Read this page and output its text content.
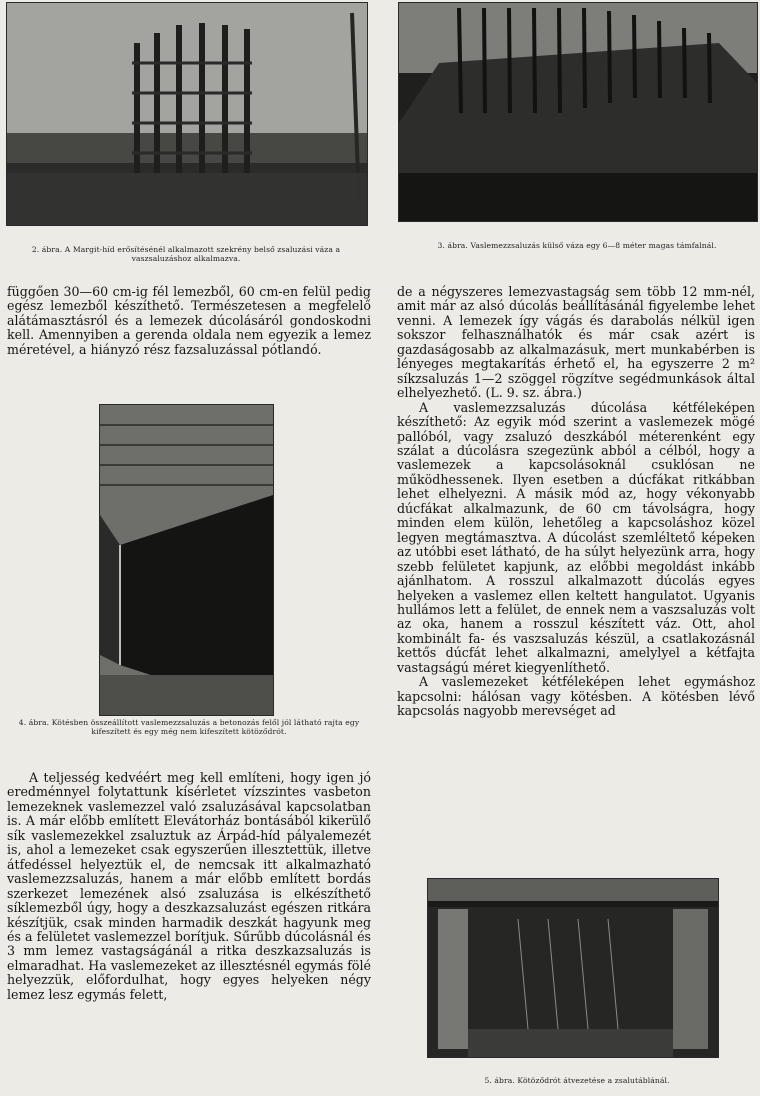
2. ábra. A Margit-híd erősítésénél alkalmazott szekrény belső zsaluzási váza a vaszsaluzáshoz alkalmazva.
3. ábra. Vaslemezzsaluzás külső váza egy 6—8 méter magas támfalnál.

függően 30—60 cm-ig fél lemezből, 60 cm-en felül pedig egész lemezből készíthető. Természetesen a megfelelő alátámasztásról és a lemezek dúcolásáról gondoskodni kell. Amennyiben a gerenda oldala nem egyezik a lemez méretével, a hiányzó rész fazsaluzással pótlandó.

4. ábra. Kötésben összeállított vaslemezzsaluzás a betonozás felől jól látható rajta egy kifeszített és egy még nem kifeszített kötöződrót.

A teljesség kedvéért meg kell említeni, hogy igen jó eredménnyel folytattunk kísérletet vízszintes vasbeton lemezeknek vaslemezzel való zsaluzásával kapcsolatban is. A már előbb említett Elevátorház bontásából kikerülő sík vaslemezekkel zsaluztuk az Árpád-híd pályalemezét is, ahol a lemezeket csak egyszerűen illesztettük, illetve átfedéssel helyeztük el, de nemcsak itt alkalmazható vaslemezzsaluzás, hanem a már előbb említett bordás szerkezet lemezének alsó zsaluzása is elkészíthető síklemezből úgy, hogy a deszkazsaluzást egészen ritkára készítjük, csak minden harmadik deszkát hagyunk meg és a felületet vaslemezzel borítjuk. Sűrűbb dúcolásnál és 3 mm lemez vastagságánál a ritka deszkazsaluzás is elmaradhat. Ha vaslemezeket az illesztésnél egymás fölé helyezzük, előfordulhat, hogy egyes helyeken négy lemez lesz egymás felett,

de a négyszeres lemezvastagság sem több 12 mm-nél, amit már az alsó dúcolás beállításánál figyelembe lehet venni. A lemezek így vágás és darabolás nélkül igen sokszor felhasználhatók és már csak azért is gazdaságosabb az alkalmazásuk, mert munkabérben is lényeges megtakarítás érhető el, ha egyszerre 2 m² síkzsaluzás 1—2 szöggel rögzítve segédmunkások által elhelyezhető. (L. 9. sz. ábra.)

A vaslemezzsaluzás dúcolása kétféleképen készíthető: Az egyik mód szerint a vaslemezek mögé pallóból, vagy zsaluzó deszkából méterenként egy szálat a dúcolásra szegezünk abból a célból, hogy a vaslemezek a kapcsolásoknál csuklósan ne működhessenek. Ilyen esetben a dúcfákat ritkábban lehet elhelyezni. A másik mód az, hogy vékonyabb dúcfákat alkalmazunk, de 60 cm távolságra, hogy minden elem külön, lehetőleg a kapcsoláshoz közel legyen megtámasztva. A dúcolást szemléltető képeken az utóbbi eset látható, de ha súlyt helyezünk arra, hogy szebb felületet kapjunk, az előbbi megoldást inkább ajánlhatom. A rosszul alkalmazott dúcolás egyes helyeken a vaslemez ellen keltett hangulatot. Ugyanis hullámos lett a felület, de ennek nem a vaszsaluzás volt az oka, hanem a rosszul készített váz. Ott, ahol kombinált fa- és vaszsaluzás készül, a csatlakozásnál kettős dúcfát lehet alkalmazni, amelylyel a kétfajta vastagságú méret kiegyenlíthető.

A vaslemezeket kétféleképen lehet egymáshoz kapcsolni: hálósan vagy kötésben. A kötésben lévő kapcsolás nagyobb merevséget ad

5. ábra. Kötöződrót átvezetése a zsalutáblánál.
